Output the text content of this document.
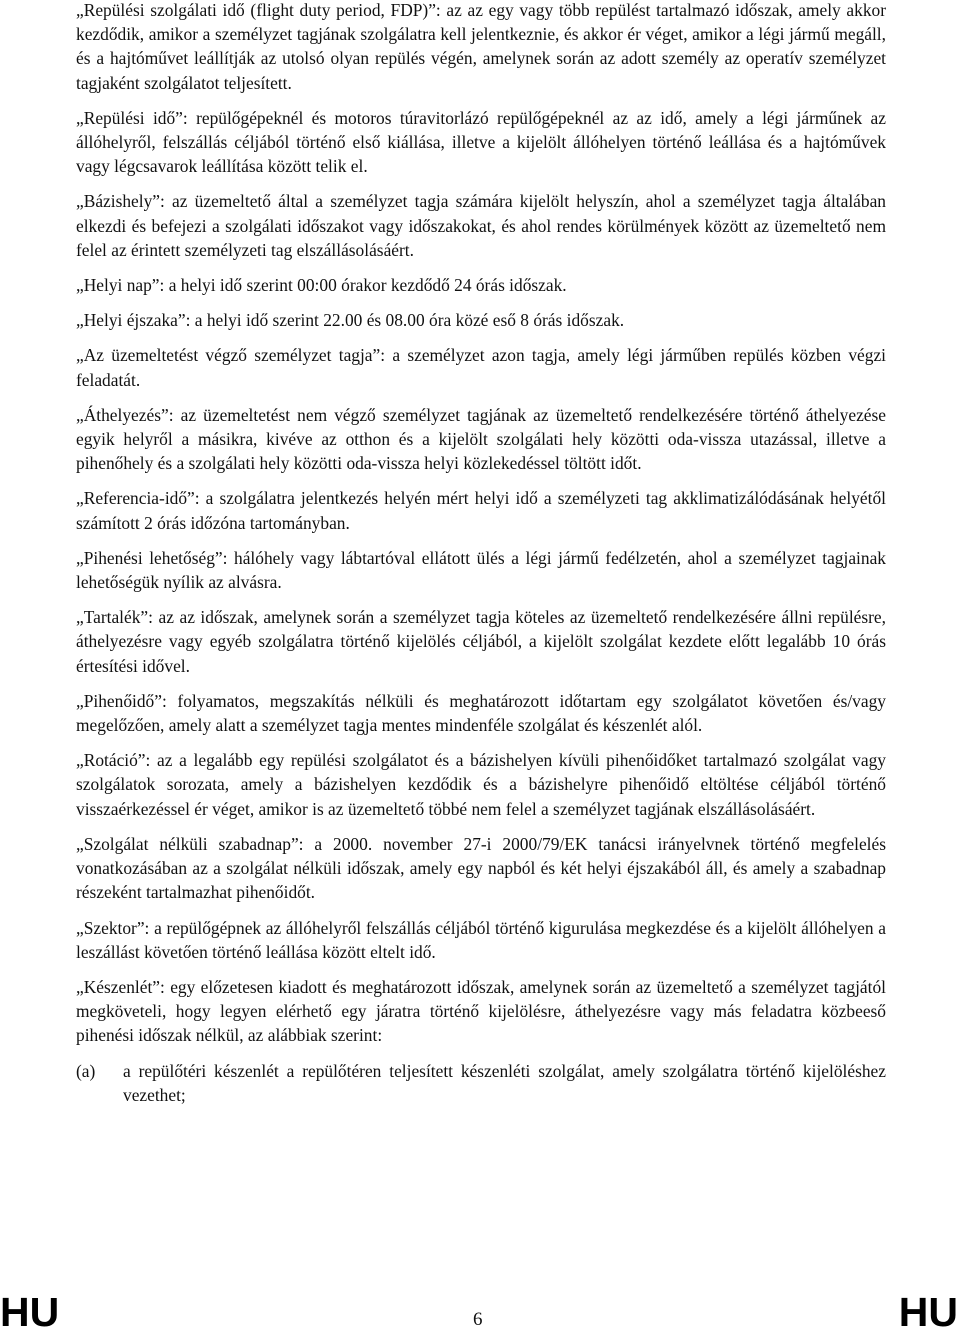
„Repülési szolgálati idő (flight duty period, FDP)”: az az egy vagy több repülést tartalmazó időszak, amely akkor kezdődik, amikor a személyzet tagjának szolgálatra kell jelentkeznie, és akkor ér véget, amikor a légi jármű megáll, és a hajtóművet leállítják az utolsó olyan repülés végén, amelynek során az adott személy az operatív személyzet tagjaként szolgálatot teljesített.

„Repülési idő”: repülőgépeknél és motoros túravitorlázó repülőgépeknél az az idő, amely a légi járműnek az állóhelyről, felszállás céljából történő első kiállása, illetve a kijelölt állóhelyen történő leállása és a hajtóművek vagy légcsavarok leállítása között telik el.

„Bázishely”: az üzemeltető által a személyzet tagja számára kijelölt helyszín, ahol a személyzet tagja általában elkezdi és befejezi a szolgálati időszakot vagy időszakokat, és ahol rendes körülmények között az üzemeltető nem felel az érintett személyzeti tag elszállásolásáért.

„Helyi nap”: a helyi idő szerint 00:00 órakor kezdődő 24 órás időszak.

„Helyi éjszaka”: a helyi idő szerint 22.00 és 08.00 óra közé eső 8 órás időszak.

„Az üzemeltetést végző személyzet tagja”: a személyzet azon tagja, amely légi járműben repülés közben végzi feladatát.

„Áthelyezés”: az üzemeltetést nem végző személyzet tagjának az üzemeltető rendelkezésére történő áthelyezése egyik helyről a másikra, kivéve az otthon és a kijelölt szolgálati hely közötti oda-vissza utazással, illetve a pihenőhely és a szolgálati hely közötti oda-vissza helyi közlekedéssel töltött időt.

„Referencia-idő”: a szolgálatra jelentkezés helyén mért helyi idő a személyzeti tag akklimatizálódásának helyétől számított 2 órás időzóna tartományban.

„Pihenési lehetőség”: hálóhely vagy lábtartóval ellátott ülés a légi jármű fedélzetén, ahol a személyzet tagjainak lehetőségük nyílik az alvásra.

„Tartalék”: az az időszak, amelynek során a személyzet tagja köteles az üzemeltető rendelkezésére állni repülésre, áthelyezésre vagy egyéb szolgálatra történő kijelölés céljából, a kijelölt szolgálat kezdete előtt legalább 10 órás értesítési idővel.

„Pihenőidő”: folyamatos, megszakítás nélküli és meghatározott időtartam egy szolgálatot követően és/vagy megelőzően, amely alatt a személyzet tagja mentes mindenféle szolgálat és készenlét alól.

„Rotáció”: az a legalább egy repülési szolgálatot és a bázishelyen kívüli pihenőidőket tartalmazó szolgálat vagy szolgálatok sorozata, amely a bázishelyen kezdődik és a bázishelyre pihenőidő eltöltése céljából történő visszaérkezéssel ér véget, amikor is az üzemeltető többé nem felel a személyzet tagjának elszállásolásáért.

„Szolgálat nélküli szabadnap”: a 2000. november 27-i 2000/79/EK tanácsi irányelvnek történő megfelelés vonatkozásában az a szolgálat nélküli időszak, amely egy napból és két helyi éjszakából áll, és amely a szabadnap részeként tartalmazhat pihenőidőt.

„Szektor”: a repülőgépnek az állóhelyről felszállás céljából történő kigurulása megkezdése és a kijelölt állóhelyen a leszállást követően történő leállása között eltelt idő.

„Készenlét”: egy előzetesen kiadott és meghatározott időszak, amelynek során az üzemeltető a személyzet tagjától megköveteli, hogy legyen elérhető egy járatra történő kijelölésre, áthelyezésre vagy más feladatra közbeeső pihenési időszak nélkül, az alábbiak szerint:

(a) a repülőtéri készenlét a repülőtéren teljesített készenléti szolgálat, amely szolgálatra történő kijelöléshez vezethet;
HU	6	HU
